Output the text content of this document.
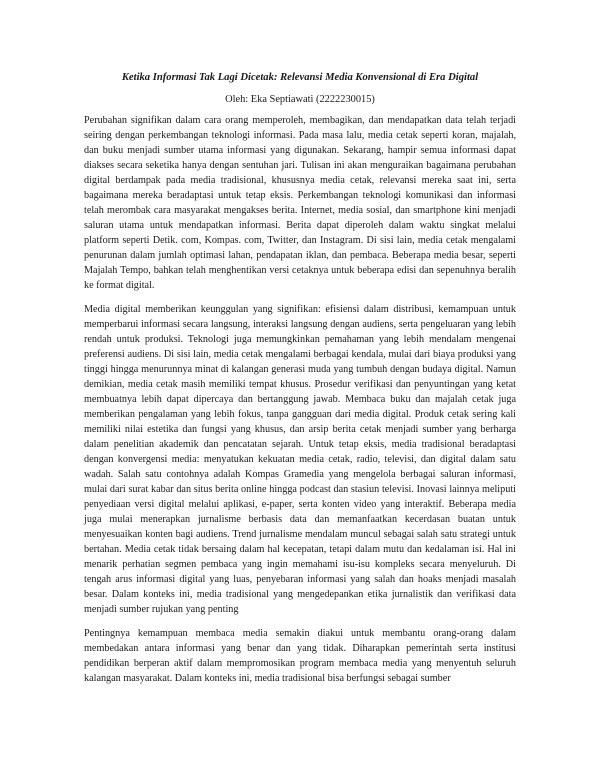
Ketika Informasi Tak Lagi Dicetak: Relevansi Media Konvensional di Era Digital
Oleh: Eka Septiawati (2222230015)

Perubahan signifikan dalam cara orang memperoleh, membagikan, dan mendapatkan data telah terjadi seiring dengan perkembangan teknologi informasi. Pada masa lalu, media cetak seperti koran, majalah, dan buku menjadi sumber utama informasi yang digunakan. Sekarang, hampir semua informasi dapat diakses secara seketika hanya dengan sentuhan jari. Tulisan ini akan menguraikan bagaimana perubahan digital berdampak pada media tradisional, khususnya media cetak, relevansi mereka saat ini, serta bagaimana mereka beradaptasi untuk tetap eksis. Perkembangan teknologi komunikasi dan informasi telah merombak cara masyarakat mengakses berita. Internet, media sosial, dan smartphone kini menjadi saluran utama untuk mendapatkan informasi. Berita dapat diperoleh dalam waktu singkat melalui platform seperti Detik. com, Kompas. com, Twitter, dan Instagram. Di sisi lain, media cetak mengalami penurunan dalam jumlah optimasi lahan, pendapatan iklan, dan pembaca. Beberapa media besar, seperti Majalah Tempo, bahkan telah menghentikan versi cetaknya untuk beberapa edisi dan sepenuhnya beralih ke format digital.

Media digital memberikan keunggulan yang signifikan: efisiensi dalam distribusi, kemampuan untuk memperbarui informasi secara langsung, interaksi langsung dengan audiens, serta pengeluaran yang lebih rendah untuk produksi. Teknologi juga memungkinkan pemahaman yang lebih mendalam mengenai preferensi audiens. Di sisi lain, media cetak mengalami berbagai kendala, mulai dari biaya produksi yang tinggi hingga menurunnya minat di kalangan generasi muda yang tumbuh dengan budaya digital. Namun demikian, media cetak masih memiliki tempat khusus. Prosedur verifikasi dan penyuntingan yang ketat membuatnya lebih dapat dipercaya dan bertanggung jawab. Membaca buku dan majalah cetak juga memberikan pengalaman yang lebih fokus, tanpa gangguan dari media digital. Produk cetak sering kali memiliki nilai estetika dan fungsi yang khusus, dan arsip berita cetak menjadi sumber yang berharga dalam penelitian akademik dan pencatatan sejarah. Untuk tetap eksis, media tradisional beradaptasi dengan konvergensi media: menyatukan kekuatan media cetak, radio, televisi, dan digital dalam satu wadah. Salah satu contohnya adalah Kompas Gramedia yang mengelola berbagai saluran informasi, mulai dari surat kabar dan situs berita online hingga podcast dan stasiun televisi. Inovasi lainnya meliputi penyediaan versi digital melalui aplikasi, e-paper, serta konten video yang interaktif. Beberapa media juga mulai menerapkan jurnalisme berbasis data dan memanfaatkan kecerdasan buatan untuk menyesuaikan konten bagi audiens. Trend jurnalisme mendalam muncul sebagai salah satu strategi untuk bertahan. Media cetak tidak bersaing dalam hal kecepatan, tetapi dalam mutu dan kedalaman isi. Hal ini menarik perhatian segmen pembaca yang ingin memahami isu-isu kompleks secara menyeluruh. Di tengah arus informasi digital yang luas, penyebaran informasi yang salah dan hoaks menjadi masalah besar. Dalam konteks ini, media tradisional yang mengedepankan etika jurnalistik dan verifikasi data menjadi sumber rujukan yang penting

Pentingnya kemampuan membaca media semakin diakui untuk membantu orang-orang dalam membedakan antara informasi yang benar dan yang tidak. Diharapkan pemerintah serta institusi pendidikan berperan aktif dalam mempromosikan program membaca media yang menyentuh seluruh kalangan masyarakat. Dalam konteks ini, media tradisional bisa berfungsi sebagai sumber
